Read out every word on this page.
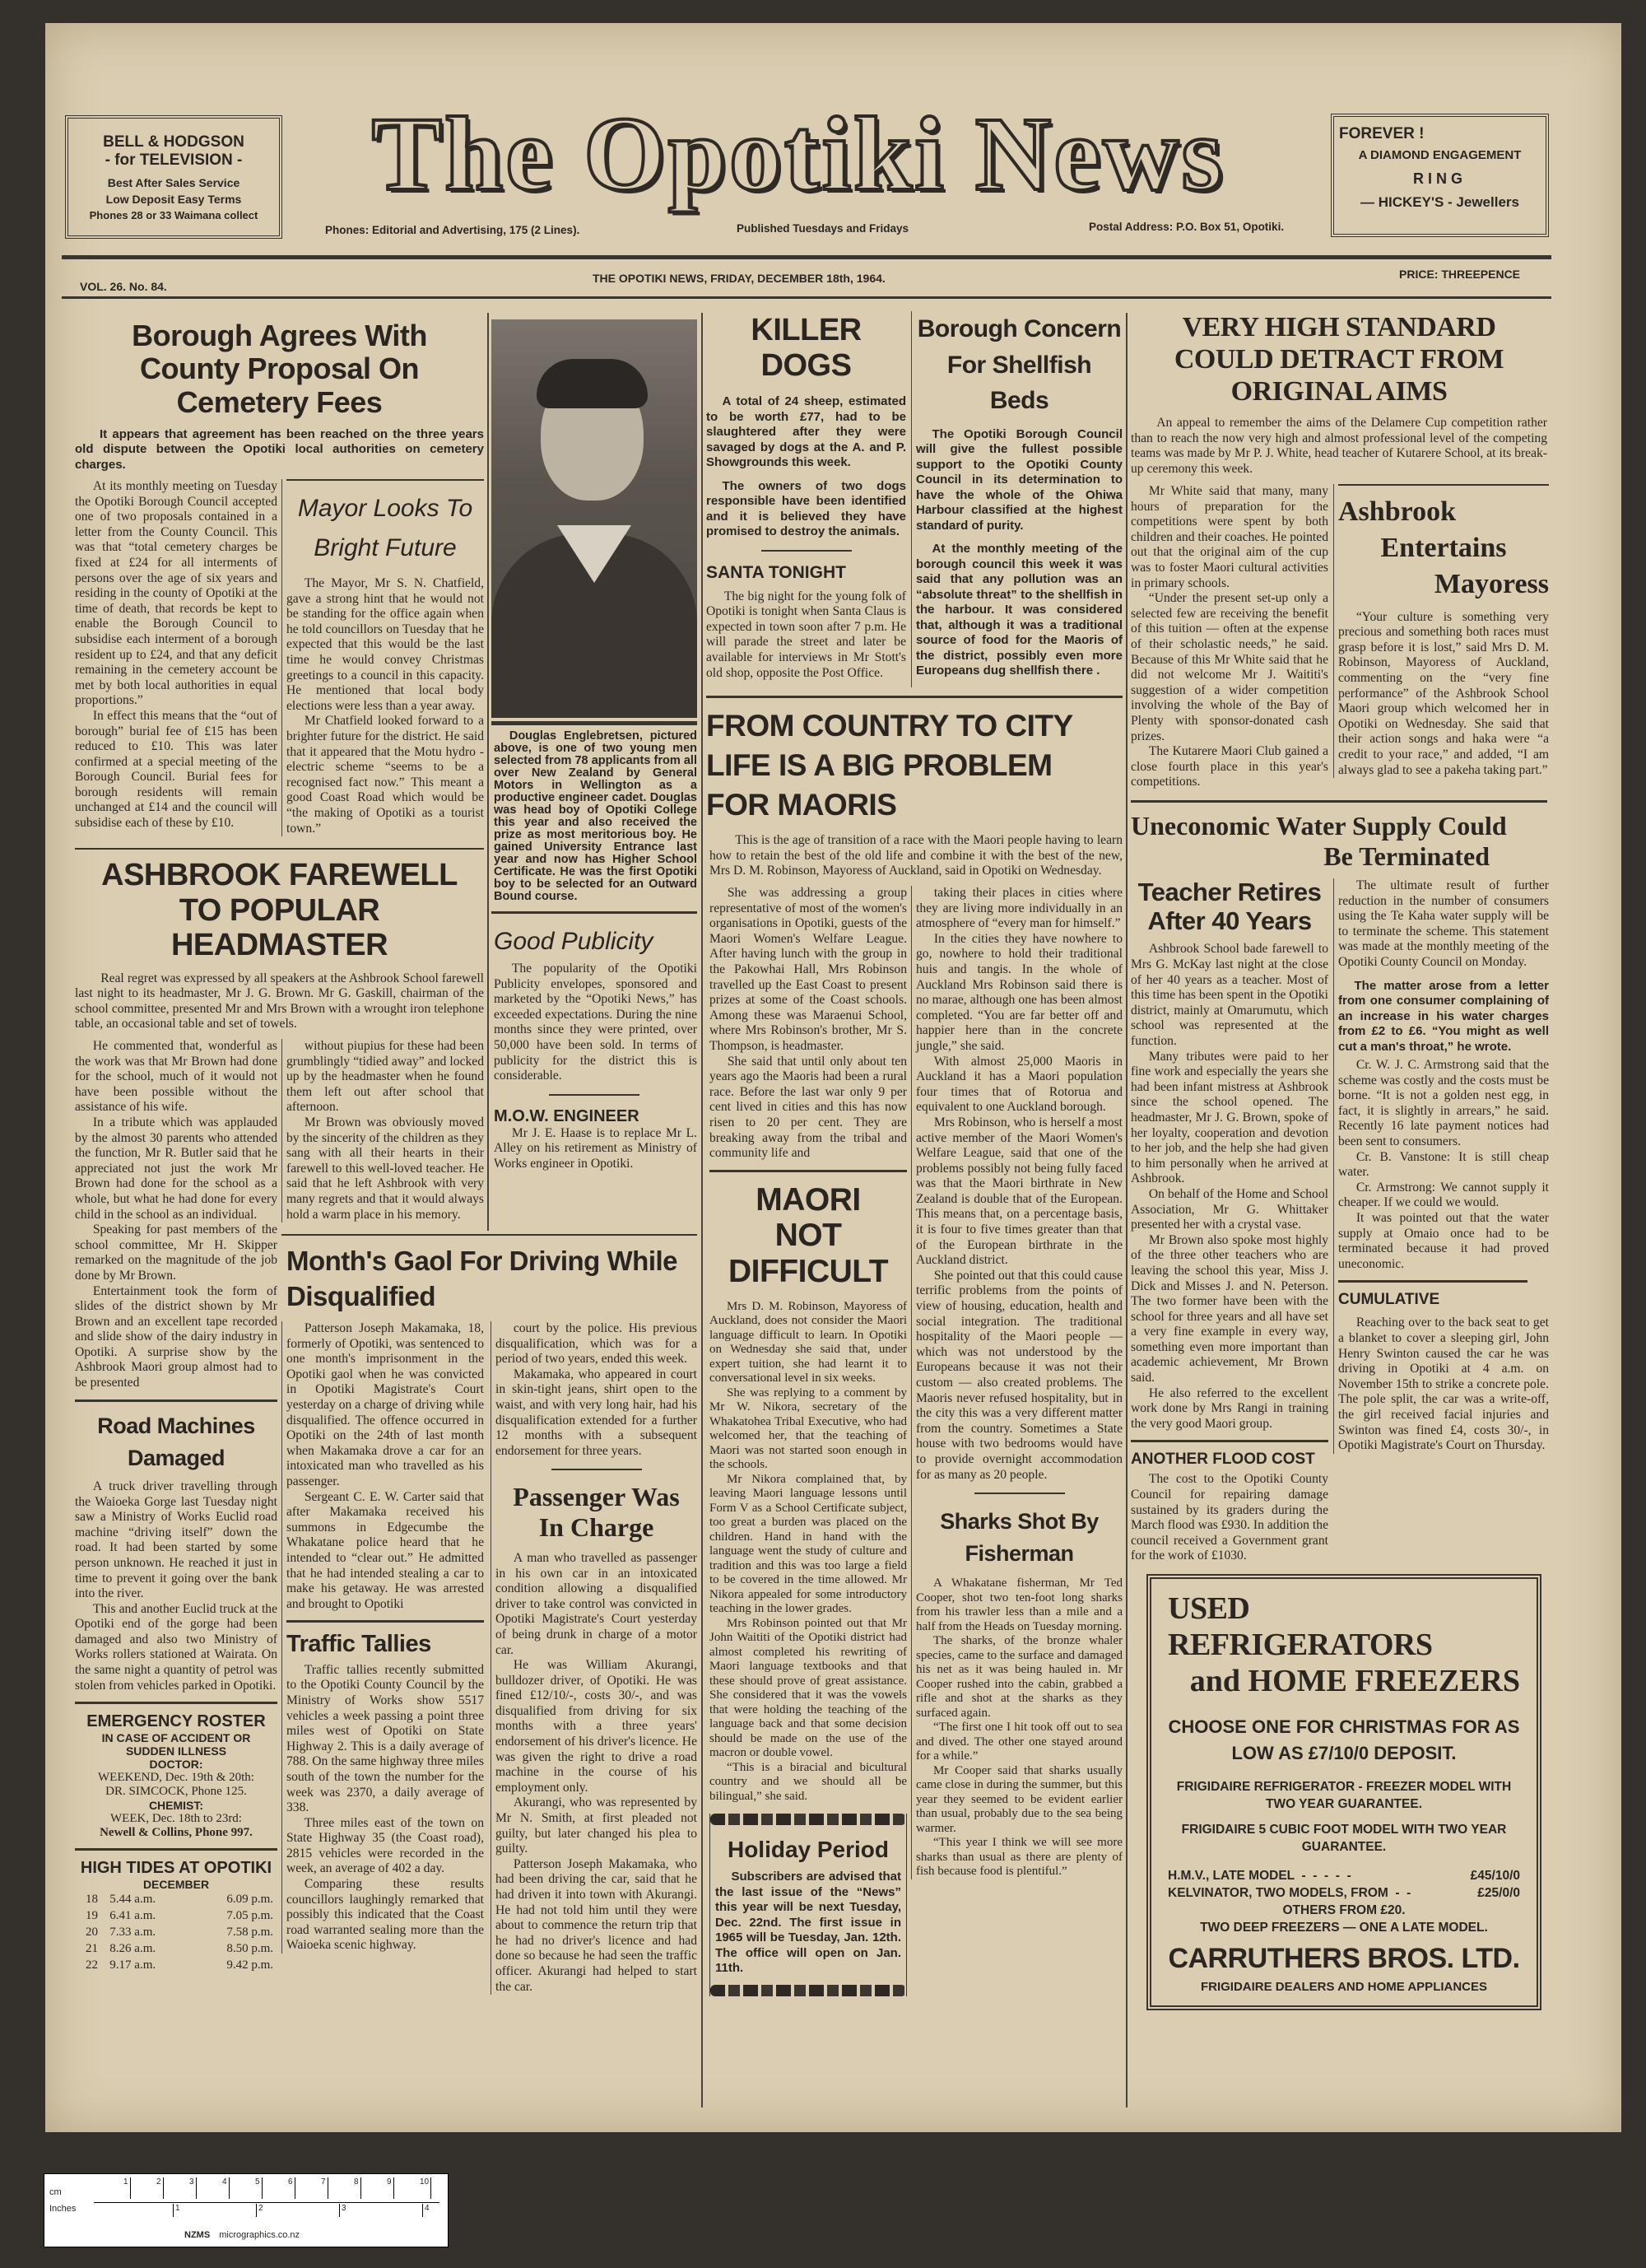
BELL & HODGSON
- for TELEVISION -
Best After Sales Service
Low Deposit Easy Terms
Phones 28 or 33 Waimana collect
The Opotiki News
Phones: Editorial and Advertising, 175 (2 Lines).	Published Tuesdays and Fridays	Postal Address: P.O. Box 51, Opotiki.
FOREVER !
A DIAMOND ENGAGEMENT
RING
— HICKEY'S - Jewellers
VOL. 26. No. 84.
THE OPOTIKI NEWS, FRIDAY, DECEMBER 18th, 1964.	PRICE: THREEPENCE
Borough Agrees With County Proposal On Cemetery Fees
It appears that agreement has been reached on the three years old dispute between the Opotiki local authorities on cemetery charges.

At its monthly meeting on Tuesday the Opotiki Borough Council accepted one of two proposals contained in a letter from the County Council. This was that “total cemetery charges be fixed at £24 for all interments of persons over the age of six years and residing in the county of Opotiki at the time of death, that records be kept to enable the Borough Council to subsidise each interment of a borough resident up to £24, and that any deficit remaining in the cemetery account be met by both local authorities in equal proportions.”

In effect this means that the “out of borough” burial fee of £15 has been reduced to £10. This was later confirmed at a special meeting of the Borough Council. Burial fees for borough residents will remain unchanged at £14 and the council will subsidise each of these by £10.

Mayor Looks To Bright Future

The Mayor, Mr S. N. Chatfield, gave a strong hint that he would not be standing for the office again when he told councillors on Tuesday that he expected that this would be the last time he would convey Christmas greetings to a council in this capacity. He mentioned that local body elections were less than a year away.

Mr Chatfield looked forward to a brighter future for the district. He said that it appeared that the Motu hydro - electric scheme “seems to be a recognised fact now.” This meant a good Coast Road which would be “the making of Opotiki as a tourist town.”

Douglas Englebretsen, pictured above, is one of two young men selected from 78 applicants from all over New Zealand by General Motors in Wellington as a productive engineer cadet. Douglas was head boy of Opotiki College this year and also received the prize as most meritorious boy. He gained University Entrance last year and now has Higher School Certificate. He was the first Opotiki boy to be selected for an Outward Bound course.
Good Publicity

The popularity of the Opotiki Publicity envelopes, sponsored and marketed by the “Opotiki News,” has exceeded expectations. During the nine months since they were printed, over 50,000 have been sold. In terms of publicity for the district this is considerable.

M.O.W. ENGINEER

Mr J. E. Haase is to replace Mr L. Alley on his retirement as Ministry of Works engineer in Opotiki.

ASHBROOK FAREWELL TO POPULAR HEADMASTER
Real regret was expressed by all speakers at the Ashbrook School farewell last night to its headmaster, Mr J. G. Brown. Mr G. Gaskill, chairman of the school committee, presented Mr and Mrs Brown with a wrought iron telephone table, an occasional table and set of towels.

He commented that, wonderful as the work was that Mr Brown had done for the school, much of it would not have been possible without the assistance of his wife.

In a tribute which was applauded by the almost 30 parents who attended the function, Mr R. Butler said that he appreciated not just the work Mr Brown had done for the school as a whole, but what he had done for every child in the school as an individual.

Speaking for past members of the school committee, Mr H. Skipper remarked on the magnitude of the job done by Mr Brown.

Entertainment took the form of slides of the district shown by Mr Brown and an excellent tape recorded and slide show of the dairy industry in Opotiki. A surprise show by the Ashbrook Maori group almost had to be presented

Road Machines Damaged

A truck driver travelling through the Waioeka Gorge last Tuesday night saw a Ministry of Works Euclid road machine “driving itself” down the road. It had been started by some person unknown. He reached it just in time to prevent it going over the bank into the river.

This and another Euclid truck at the Opotiki end of the gorge had been damaged and also two Ministry of Works rollers stationed at Wairata. On the same night a quantity of petrol was stolen from vehicles parked in Opotiki.

EMERGENCY ROSTER
IN CASE OF ACCIDENT OR
SUDDEN ILLNESS
DOCTOR:
WEEKEND, Dec. 19th & 20th:
DR. SIMCOCK, Phone 125.
CHEMIST:
WEEK, Dec. 18th to 23rd:
Newell & Collins, Phone 997.
HIGH TIDES AT OPOTIKI
DECEMBER
18	5.44 a.m.	6.09 p.m.
19	6.41 a.m.	7.05 p.m.
20	7.33 a.m.	7.58 p.m.
21	8.26 a.m.	8.50 p.m.
22	9.17 a.m.	9.42 p.m.

without piupius for these had been grumblingly “tidied away” and locked up by the headmaster when he found them left out after school that afternoon.

Mr Brown was obviously moved by the sincerity of the children as they sang with all their hearts in their farewell to this well-loved teacher. He said that he left Ashbrook with very many regrets and that it would always hold a warm place in his memory.

Month's Gaol For Driving While Disqualified

Patterson Joseph Makamaka, 18, formerly of Opotiki, was sentenced to one month's imprisonment in the Opotiki gaol when he was convicted in Opotiki Magistrate's Court yesterday on a charge of driving while disqualified. The offence occurred in Opotiki on the 24th of last month when Makamaka drove a car for an intoxicated man who travelled as his passenger.

Sergeant C. E. W. Carter said that after Makamaka received his summons in Edgecumbe the Whakatane police heard that he intended to “clear out.” He admitted that he had intended stealing a car to make his getaway. He was arrested and brought to Opotiki

Traffic Tallies

Traffic tallies recently submitted to the Opotiki County Council by the Ministry of Works show 5517 vehicles a week passing a point three miles west of Opotiki on State Highway 2. This is a daily average of 788. On the same highway three miles south of the town the number for the week was 2370, a daily average of 338.

Three miles east of the town on State Highway 35 (the Coast road), 2815 vehicles were recorded in the week, an average of 402 a day.

Comparing these results councillors laughingly remarked that possibly this indicated that the Coast road warranted sealing more than the Waioeka scenic highway.

court by the police. His previous disqualification, which was for a period of two years, ended this week.

Makamaka, who appeared in court in skin-tight jeans, shirt open to the waist, and with very long hair, had his disqualification extended for a further 12 months with a subsequent endorsement for three years.

Passenger Was In Charge

A man who travelled as passenger in his own car in an intoxicated condition allowing a disqualified driver to take control was convicted in Opotiki Magistrate's Court yesterday of being drunk in charge of a motor car.

He was William Akurangi, bulldozer driver, of Opotiki. He was fined £12/10/-, costs 30/-, and was disqualified from driving for six months with a three years' endorsement of his driver's licence. He was given the right to drive a road machine in the course of his employment only.

Akurangi, who was represented by Mr N. Smith, at first pleaded not guilty, but later changed his plea to guilty.

Patterson Joseph Makamaka, who had been driving the car, said that he had driven it into town with Akurangi. He had not told him until they were about to commence the return trip that he had no driver's licence and had done so because he had seen the traffic officer. Akurangi had helped to start the car.

KILLER DOGS

A total of 24 sheep, estimated to be worth £77, had to be slaughtered after they were savaged by dogs at the A. and P. Showgrounds this week.

The owners of two dogs responsible have been identified and it is believed they have promised to destroy the animals.

SANTA TONIGHT

The big night for the young folk of Opotiki is tonight when Santa Claus is expected in town soon after 7 p.m. He will parade the street and later be available for interviews in Mr Stott's old shop, opposite the Post Office.

Borough Concern For Shellfish Beds

The Opotiki Borough Council will give the fullest possible support to the Opotiki County Council in its determination to have the whole of the Ohiwa Harbour classified at the highest standard of purity.

At the monthly meeting of the borough council this week it was said that any pollution was an “absolute threat” to the shellfish in the harbour. It was considered that, although it was a traditional source of food for the Maoris of the district, possibly even more Europeans dug shellfish there .

FROM COUNTRY TO CITY LIFE IS A BIG PROBLEM FOR MAORIS
This is the age of transition of a race with the Maori people having to learn how to retain the best of the old life and combine it with the best of the new, Mrs D. M. Robinson, Mayoress of Auckland, said in Opotiki on Wednesday.

She was addressing a group representative of most of the women's organisations in Opotiki, guests of the Maori Women's Welfare League. After having lunch with the group in the Pakowhai Hall, Mrs Robinson travelled up the East Coast to present prizes at some of the Coast schools. Among these was Maraenui School, where Mrs Robinson's brother, Mr S. Thompson, is headmaster.

She said that until only about ten years ago the Maoris had been a rural race. Before the last war only 9 per cent lived in cities and this has now risen to 20 per cent. They are breaking away from the tribal and community life and

MAORI NOT DIFFICULT

Mrs D. M. Robinson, Mayoress of Auckland, does not consider the Maori language difficult to learn. In Opotiki on Wednesday she said that, under expert tuition, she had learnt it to conversational level in six weeks.

She was replying to a comment by Mr W. Nikora, secretary of the Whakatohea Tribal Executive, who had welcomed her, that the teaching of Maori was not started soon enough in the schools.

Mr Nikora complained that, by leaving Maori language lessons until Form V as a School Certificate subject, too great a burden was placed on the children. Hand in hand with the language went the study of culture and tradition and this was too large a field to be covered in the time allowed. Mr Nikora appealed for some introductory teaching in the lower grades.

Mrs Robinson pointed out that Mr John Waititi of the Opotiki district had almost completed his rewriting of Maori language textbooks and that these should prove of great assistance. She considered that it was the vowels that were holding the teaching of the language back and that some decision should be made on the use of the macron or double vowel.

“This is a biracial and bicultural country and we should all be bilingual,” she said.

Holiday Period
Subscribers are advised that the last issue of the “News” this year will be next Tuesday, Dec. 22nd. The first issue in 1965 will be Tuesday, Jan. 12th. The office will open on Jan. 11th.

taking their places in cities where they are living more individually in an atmosphere of “every man for himself.”

In the cities they have nowhere to go, nowhere to hold their traditional huis and tangis. In the whole of Auckland Mrs Robinson said there is no marae, although one has been almost completed. “You are far better off and happier here than in the concrete jungle,” she said.

With almost 25,000 Maoris in Auckland it has a Maori population four times that of Rotorua and equivalent to one Auckland borough.

Mrs Robinson, who is herself a most active member of the Maori Women's Welfare League, said that one of the problems possibly not being fully faced was that the Maori birthrate in New Zealand is double that of the European. This means that, on a percentage basis, it is four to five times greater than that of the European birthrate in the Auckland district.

She pointed out that this could cause terrific problems from the points of view of housing, education, health and social integration. The traditional hospitality of the Maori people — which was not understood by the Europeans because it was not their custom — also created problems. The Maoris never refused hospitality, but in the city this was a very different matter from the country. Sometimes a State house with two bedrooms would have to provide overnight accommodation for as many as 20 people.

Sharks Shot By Fisherman

A Whakatane fisherman, Mr Ted Cooper, shot two ten-foot long sharks from his trawler less than a mile and a half from the Heads on Tuesday morning.

The sharks, of the bronze whaler species, came to the surface and damaged his net as it was being hauled in. Mr Cooper rushed into the cabin, grabbed a rifle and shot at the sharks as they surfaced again.

“The first one I hit took off out to sea and dived. The other one stayed around for a while.”

Mr Cooper said that sharks usually came close in during the summer, but this year they seemed to be evident earlier than usual, probably due to the sea being warmer.

“This year I think we will see more sharks than usual as there are plenty of fish because food is plentiful.”

VERY HIGH STANDARD COULD DETRACT FROM ORIGINAL AIMS
An appeal to remember the aims of the Delamere Cup competition rather than to reach the now very high and almost professional level of the competing teams was made by Mr P. J. White, head teacher of Kutarere School, at its break-up ceremony this week.

Mr White said that many, many hours of preparation for the competitions were spent by both children and their coaches. He pointed out that the original aim of the cup was to foster Maori cultural activities in primary schools.

“Under the present set-up only a selected few are receiving the benefit of this tuition — often at the expense of their scholastic needs,” he said. Because of this Mr White said that he did not welcome Mr J. Waititi's suggestion of a wider competition involving the whole of the Bay of Plenty with sponsor-donated cash prizes.

The Kutarere Maori Club gained a close fourth place in this year's competitions.

Ashbrook
Entertains
Mayoress

“Your culture is something very precious and something both races must grasp before it is lost,” said Mrs D. M. Robinson, Mayoress of Auckland, commenting on the “very fine performance” of the Ashbrook School Maori group which welcomed her in Opotiki on Wednesday. She said that their action songs and haka were “a credit to your race,” and added, “I am always glad to see a pakeha taking part.”

Uneconomic Water Supply Could
Be Terminated
Teacher Retires After 40 Years

Ashbrook School bade farewell to Mrs G. McKay last night at the close of her 40 years as a teacher. Most of this time has been spent in the Opotiki district, mainly at Omarumutu, which school was represented at the function.

Many tributes were paid to her fine work and especially the years she had been infant mistress at Ashbrook since the school opened. The headmaster, Mr J. G. Brown, spoke of her loyalty, cooperation and devotion to her job, and the help she had given to him personally when he arrived at Ashbrook.

On behalf of the Home and School Association, Mr G. Whittaker presented her with a crystal vase.

Mr Brown also spoke most highly of the three other teachers who are leaving the school this year, Miss J. Dick and Misses J. and N. Peterson. The two former have been with the school for three years and all have set a very fine example in every way, something even more important than academic achievement, Mr Brown said.

He also referred to the excellent work done by Mrs Rangi in training the very good Maori group.

ANOTHER FLOOD COST

The cost to the Opotiki County Council for repairing damage sustained by its graders during the March flood was £930. In addition the council received a Government grant for the work of £1030.

The ultimate result of further reduction in the number of consumers using the Te Kaha water supply will be to terminate the scheme. This statement was made at the monthly meeting of the Opotiki County Council on Monday.

The matter arose from a letter from one consumer complaining of an increase in his water charges from £2 to £6. “You might as well cut a man's throat,” he wrote.

Cr. W. J. C. Armstrong said that the scheme was costly and the costs must be borne. “It is not a golden nest egg, in fact, it is slightly in arrears,” he said. Recently 16 late payment notices had been sent to consumers.

Cr. B. Vanstone: It is still cheap water.

Cr. Armstrong: We cannot supply it cheaper. If we could we would.

It was pointed out that the water supply at Omaio once had to be terminated because it had proved uneconomic.

CUMULATIVE

Reaching over to the back seat to get a blanket to cover a sleeping girl, John Henry Swinton caused the car he was driving in Opotiki at 4 a.m. on November 15th to strike a concrete pole. The pole split, the car was a write-off, the girl received facial injuries and Swinton was fined £4, costs 30/-, in Opotiki Magistrate's Court on Thursday.

USED REFRIGERATORS
and HOME FREEZERS
CHOOSE ONE FOR CHRISTMAS FOR AS LOW AS £7/10/0 DEPOSIT.
FRIGIDAIRE REFRIGERATOR - FREEZER MODEL WITH TWO YEAR GUARANTEE.
FRIGIDAIRE 5 CUBIC FOOT MODEL WITH TWO YEAR GUARANTEE.
H.M.V., LATE MODEL  -  -  -  -  -	£45/10/0
KELVINATOR, TWO MODELS, FROM  -  -	£25/0/0
OTHERS FROM £20.
TWO DEEP FREEZERS — ONE A LATE MODEL.
CARRUTHERS BROS. LTD.
FRIGIDAIRE DEALERS AND HOME APPLIANCES
cm
Inches
1	2	3	4	5	6	7	8	9	10
1	2	3	4
NZMS micrographics.co.nz
